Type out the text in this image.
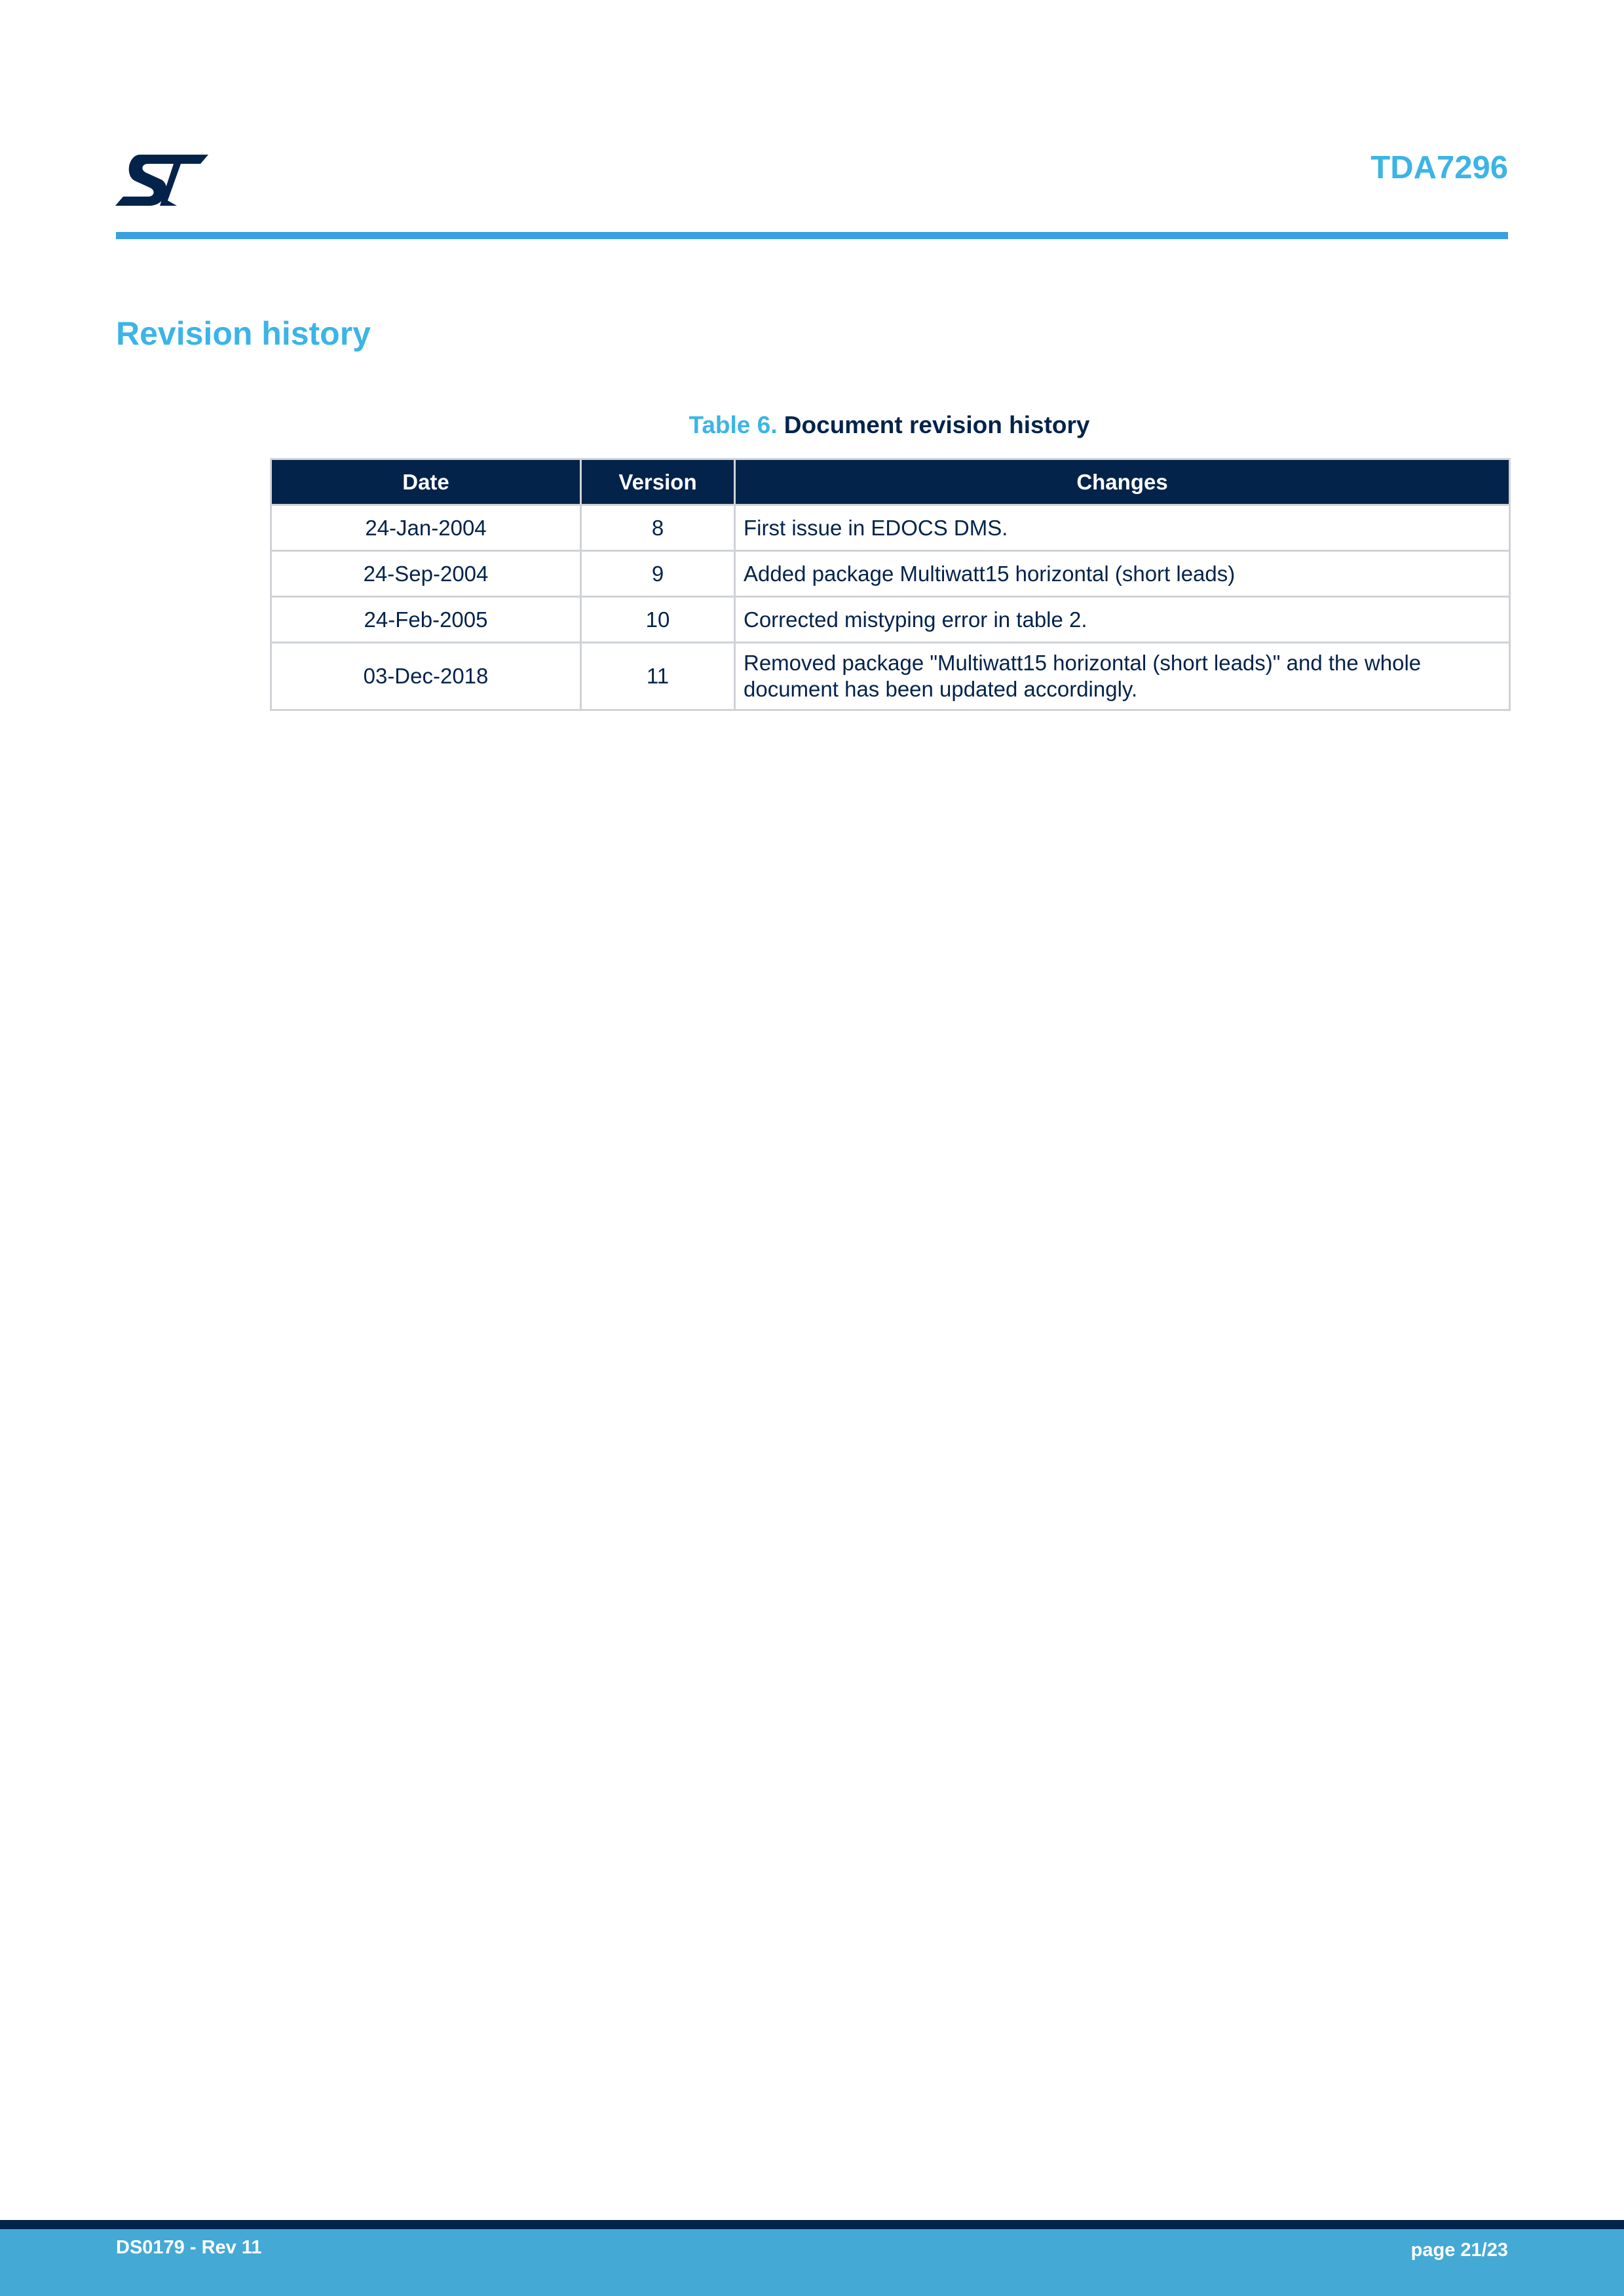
TDA7296
Revision history
Table 6. Document revision history
Date	Version	Changes
24-Jan-2004	8	First issue in EDOCS DMS.
24-Sep-2004	9	Added package Multiwatt15 horizontal (short leads)
24-Feb-2005	10	Corrected mistyping error in table 2.
03-Dec-2018	11	Removed package "Multiwatt15 horizontal (short leads)" and the whole document has been updated accordingly.
DS0179 - Rev 11	page 21/23
